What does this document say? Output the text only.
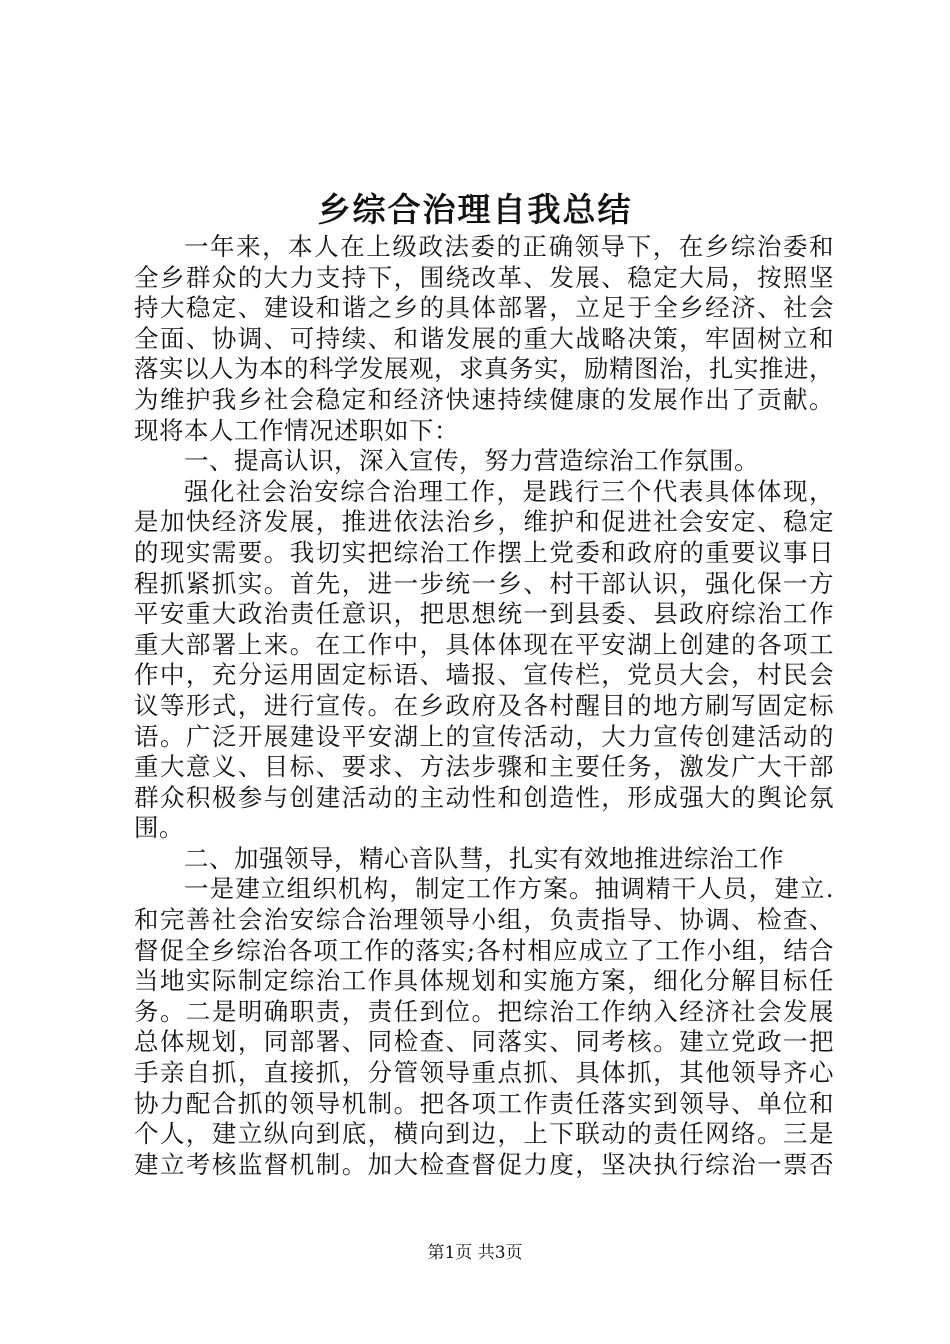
乡综合治理自我总结
一年来，本人在上级政法委的正确领导下，在乡综治委和
全乡群众的大力支持下，围绕改革、发展、稳定大局，按照坚
持大稳定、建设和谐之乡的具体部署，立足于全乡经济、社会
全面、协调、可持续、和谐发展的重大战略决策，牢固树立和
落实以人为本的科学发展观，求真务实，励精图治，扎实推进，
为维护我乡社会稳定和经济快速持续健康的发展作出了贡献。
现将本人工作情况述职如下：
一、提高认识，深入宣传，努力营造综治工作氛围。
强化社会治安综合治理工作，是践行三个代表具体体现，
是加快经济发展，推进依法治乡，维护和促进社会安定、稳定
的现实需要。我切实把综治工作摆上党委和政府的重要议事日
程抓紧抓实。首先，进一步统一乡、村干部认识，强化保一方
平安重大政治责任意识，把思想统一到县委、县政府综治工作
重大部署上来。在工作中，具体体现在平安湖上创建的各项工
作中，充分运用固定标语、墙报、宣传栏，党员大会，村民会
议等形式，进行宣传。在乡政府及各村醒目的地方刷写固定标
语。广泛开展建设平安湖上的宣传活动，大力宣传创建活动的
重大意义、目标、要求、方法步骤和主要任务，激发广大干部
群众积极参与创建活动的主动性和创造性，形成强大的舆论氛
围。
二、加强领导，精心音队彗，扎实有效地推进综治工作
一是建立组织机构，制定工作方案。抽调精干人员，建立.
和完善社会治安综合治理领导小组，负责指导、协调、检查、
督促全乡综治各项工作的落实;各村相应成立了工作小组，结合
当地实际制定综治工作具体规划和实施方案，细化分解目标任
务。二是明确职责，责任到位。把综治工作纳入经济社会发展
总体规划，同部署、同检查、同落实、同考核。建立党政一把
手亲自抓，直接抓，分管领导重点抓、具体抓，其他领导齐心
协力配合抓的领导机制。把各项工作责任落实到领导、单位和
个人，建立纵向到底，横向到边，上下联动的责任网络。三是
建立考核监督机制。加大检查督促力度，坚决执行综治一票否
第1页 共3页
